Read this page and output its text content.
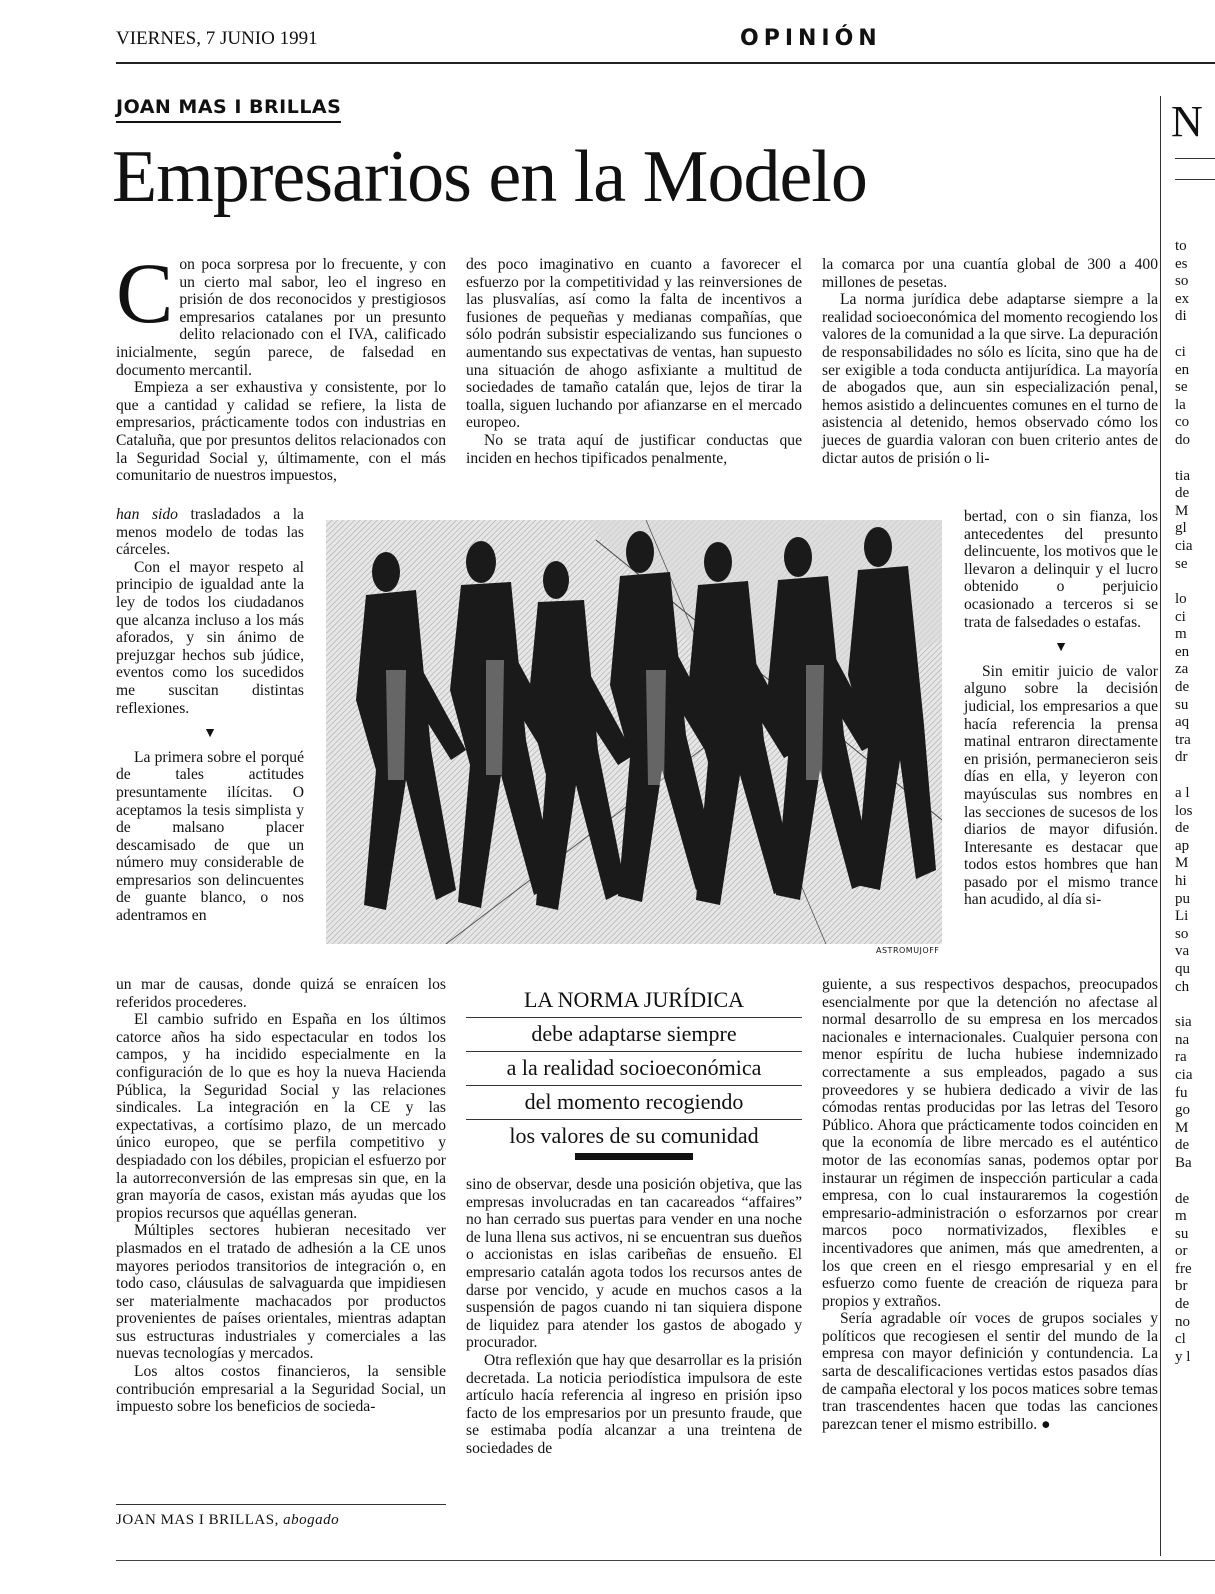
VIERNES, 7 JUNIO 1991	OPINIÓN
JOAN MAS I BRILLAS
Empresarios en la Modelo

Con poca sorpresa por lo frecuente, y con un cierto mal sabor, leo el ingreso en prisión de dos reconocidos y prestigiosos empresarios catalanes por un presunto delito relacionado con el IVA, calificado inicialmente, según parece, de falsedad en documento mercantil.

Empieza a ser exhaustiva y consistente, por lo que a cantidad y calidad se refiere, la lista de empresarios, prácticamente todos con industrias en Cataluña, que por presuntos delitos relacionados con la Seguridad Social y, últimamente, con el más comunitario de nuestros impuestos,

han sido trasladados a la menos modelo de todas las cárceles.

Con el mayor respeto al principio de igualdad ante la ley de todos los ciudadanos que alcanza incluso a los más aforados, y sin ánimo de prejuzgar hechos sub júdice, eventos como los sucedidos me suscitan distintas reflexiones.

▼

La primera sobre el porqué de tales actitudes presuntamente ilícitas. O aceptamos la tesis simplista y de malsano placer descamisado de que un número muy considerable de empresarios son delincuentes de guante blanco, o nos adentramos en

un mar de causas, donde quizá se enraícen los referidos procederes.

El cambio sufrido en España en los últimos catorce años ha sido espectacular en todos los campos, y ha incidido especialmente en la configuración de lo que es hoy la nueva Hacienda Pública, la Seguridad Social y las relaciones sindicales. La integración en la CE y las expectativas, a cortísimo plazo, de un mercado único europeo, que se perfila competitivo y despiadado con los débiles, propician el esfuerzo por la autorreconversión de las empresas sin que, en la gran mayoría de casos, existan más ayudas que los propios recursos que aquéllas generan.

Múltiples sectores hubieran necesitado ver plasmados en el tratado de adhesión a la CE unos mayores periodos transitorios de integración o, en todo caso, cláusulas de salvaguarda que impidiesen ser materialmente machacados por productos provenientes de países orientales, mientras adaptan sus estructuras industriales y comerciales a las nuevas tecnologías y mercados.

Los altos costos financieros, la sensible contribución empresarial a la Seguridad Social, un impuesto sobre los beneficios de socieda-

des poco imaginativo en cuanto a favorecer el esfuerzo por la competitividad y las reinversiones de las plusvalías, así como la falta de incentivos a fusiones de pequeñas y medianas compañías, que sólo podrán subsistir especializando sus funciones o aumentando sus expectativas de ventas, han supuesto una situación de ahogo asfixiante a multitud de sociedades de tamaño catalán que, lejos de tirar la toalla, siguen luchando por afianzarse en el mercado europeo.

No se trata aquí de justificar conductas que inciden en hechos tipificados penalmente,

sino de observar, desde una posición objetiva, que las empresas involucradas en tan cacareados “affaires” no han cerrado sus puertas para vender en una noche de luna llena sus activos, ni se encuentran sus dueños o accionistas en islas caribeñas de ensueño. El empresario catalán agota todos los recursos antes de darse por vencido, y acude en muchos casos a la suspensión de pagos cuando ni tan siquiera dispone de liquidez para atender los gastos de abogado y procurador.

Otra reflexión que hay que desarrollar es la prisión decretada. La noticia periodística impulsora de este artículo hacía referencia al ingreso en prisión ipso facto de los empresarios por un presunto fraude, que se estimaba podía alcanzar a una treintena de sociedades de

la comarca por una cuantía global de 300 a 400 millones de pesetas.

La norma jurídica debe adaptarse siempre a la realidad socioeconómica del momento recogiendo los valores de la comunidad a la que sirve. La depuración de responsabilidades no sólo es lícita, sino que ha de ser exigible a toda conducta antijurídica. La mayoría de abogados que, aun sin especialización penal, hemos asistido a delincuentes comunes en el turno de asistencia al detenido, hemos observado cómo los jueces de guardia valoran con buen criterio antes de dictar autos de prisión o li-

bertad, con o sin fianza, los antecedentes del presunto delincuente, los motivos que le llevaron a delinquir y el lucro obtenido o perjuicio ocasionado a terceros si se trata de falsedades o estafas.

▼

Sin emitir juicio de valor alguno sobre la decisión judicial, los empresarios a que hacía referencia la prensa matinal entraron directamente en prisión, permanecieron seis días en ella, y leyeron con mayúsculas sus nombres en las secciones de sucesos de los diarios de mayor difusión. Interesante es destacar que todos estos hombres que han pasado por el mismo trance han acudido, al día si-

guiente, a sus respectivos despachos, preocupados esencialmente por que la detención no afectase al normal desarrollo de su empresa en los mercados nacionales e internacionales. Cualquier persona con menor espíritu de lucha hubiese indemnizado correctamente a sus empleados, pagado a sus proveedores y se hubiera dedicado a vivir de las cómodas rentas producidas por las letras del Tesoro Público. Ahora que prácticamente todos coinciden en que la economía de libre mercado es el auténtico motor de las economías sanas, podemos optar por instaurar un régimen de inspección particular a cada empresa, con lo cual instauraremos la cogestión empresario-administración o esforzarnos por crear marcos poco normativizados, flexibles e incentivadores que animen, más que amedrenten, a los que creen en el riesgo empresarial y en el esfuerzo como fuente de creación de riqueza para propios y extraños.

Sería agradable oír voces de grupos sociales y políticos que recogiesen el sentir del mundo de la empresa con mayor definición y contundencia. La sarta de descalificaciones vertidas estos pasados días de campaña electoral y los pocos matices sobre temas tran trascendentes hacen que todas las canciones parezcan tener el mismo estribillo. ●

ASTROMUJOFF
LA NORMA JURÍDICA
debe adaptarse siempre
a la realidad socioeconómica
del momento recogiendo
los valores de su comunidad
JOAN MAS I BRILLAS, abogado
N
to
es
so
ex
di
ci
en
se
la
co
do
tia
de
M
gl
cia
se
lo
ci
m
en
za
de
su
aq
tra
dr
a l
los
de
ap
M
hi
pu
Li
so
va
qu
ch
sia
na
ra
cia
fu
go
M
de
Ba
de
m
su
or
fre
br
de
no
cl
y l
